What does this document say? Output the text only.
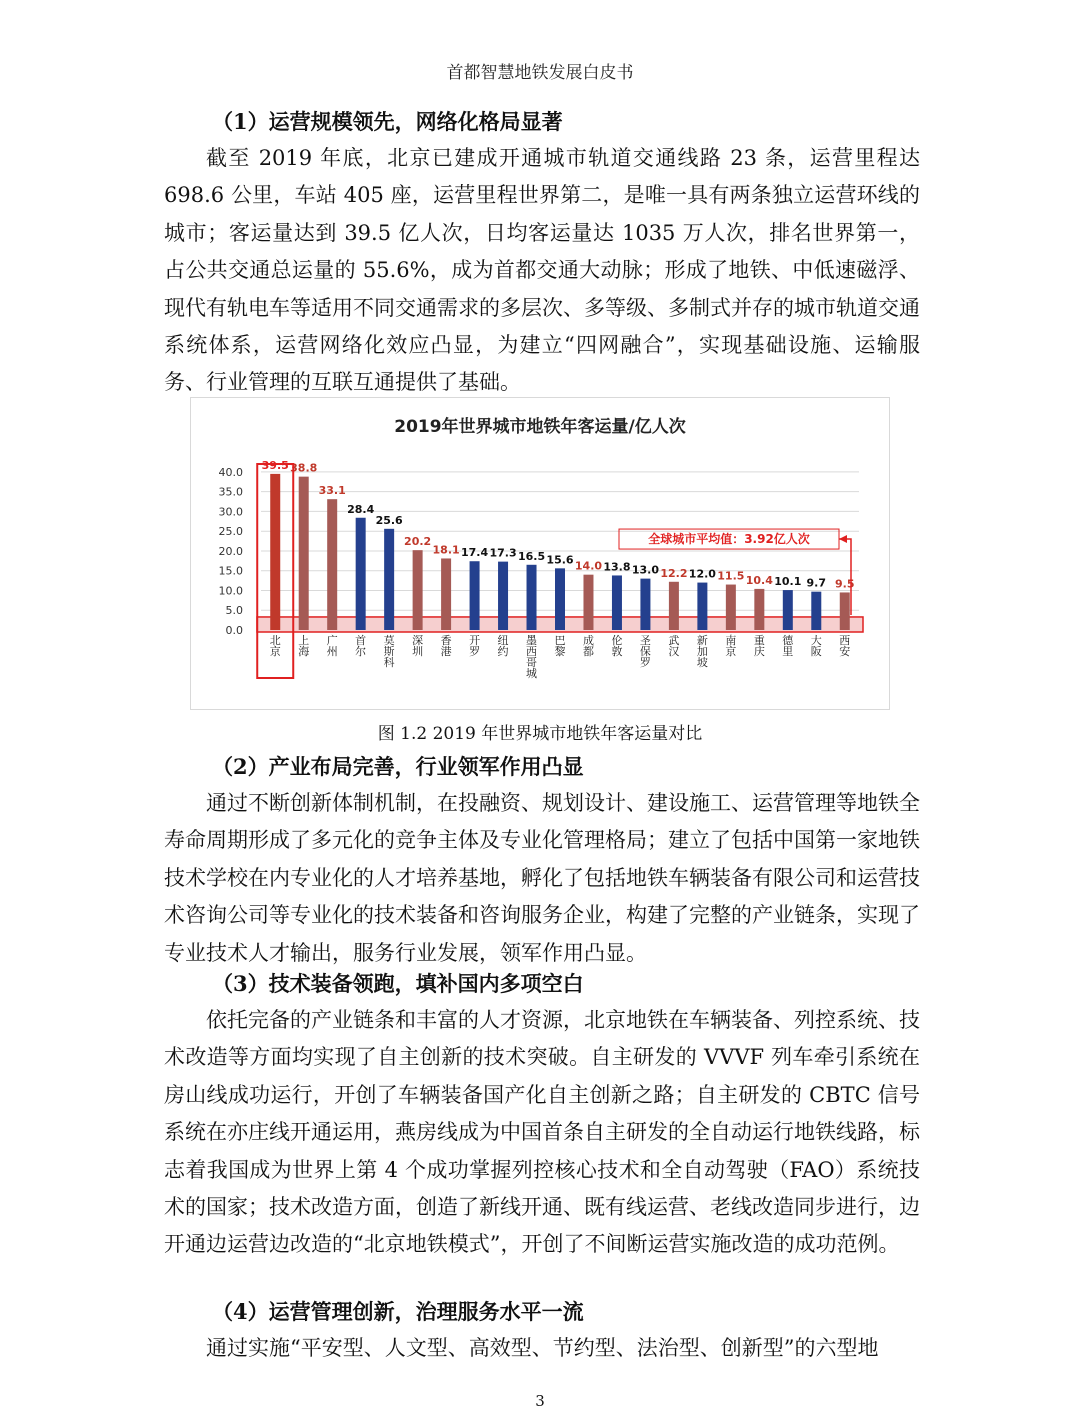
首都智慧地铁发展白皮书
（1）运营规模领先，网络化格局显著

截至 2019 年底，北京已建成开通城市轨道交通线路 23 条，运营里程达 698.6 公里，车站 405 座，运营里程世界第二，是唯一具有两条独立运营环线的城市；客运量达到 39.5 亿人次，日均客运量达 1035 万人次，排名世界第一，占公共交通总运量的 55.6%，成为首都交通大动脉；形成了地铁、中低速磁浮、现代有轨电车等适用不同交通需求的多层次、多等级、多制式并存的城市轨道交通系统体系，运营网络化效应凸显，为建立“四网融合”，实现基础设施、运输服务、行业管理的互联互通提供了基础。

2019年世界城市地铁年客运量/亿人次
0.0
5.0
10.0
15.0
20.0
25.0
30.0
35.0
40.0
39.5
北京
38.8
上海
33.1
广州
28.4
首尔
25.6
莫斯科
20.2
深圳
18.1
香港
17.4
开罗
17.3
纽约
16.5
墨西哥城
15.6
巴黎
14.0
成都
13.8
伦敦
13.0
圣保罗
12.2
武汉
12.0
新加坡
11.5
南京
10.4
重庆
10.1
德里
9.7
大阪
9.5
西安
全球城市平均值：3.92亿人次
图 1.2 2019 年世界城市地铁年客运量对比
（2）产业布局完善，行业领军作用凸显

通过不断创新体制机制，在投融资、规划设计、建设施工、运营管理等地铁全寿命周期形成了多元化的竞争主体及专业化管理格局；建立了包括中国第一家地铁技术学校在内专业化的人才培养基地，孵化了包括地铁车辆装备有限公司和运营技术咨询公司等专业化的技术装备和咨询服务企业，构建了完整的产业链条，实现了专业技术人才输出，服务行业发展，领军作用凸显。

（3）技术装备领跑，填补国内多项空白

依托完备的产业链条和丰富的人才资源，北京地铁在车辆装备、列控系统、技术改造等方面均实现了自主创新的技术突破。自主研发的 VVVF 列车牵引系统在房山线成功运行，开创了车辆装备国产化自主创新之路；自主研发的 CBTC 信号系统在亦庄线开通运用，燕房线成为中国首条自主研发的全自动运行地铁线路，标志着我国成为世界上第 4 个成功掌握列控核心技术和全自动驾驶（FAO）系统技术的国家；技术改造方面，创造了新线开通、既有线运营、老线改造同步进行，边开通边运营边改造的“北京地铁模式”，开创了不间断运营实施改造的成功范例。

（4）运营管理创新，治理服务水平一流

通过实施“平安型、人文型、高效型、节约型、法治型、创新型”的六型地

3
